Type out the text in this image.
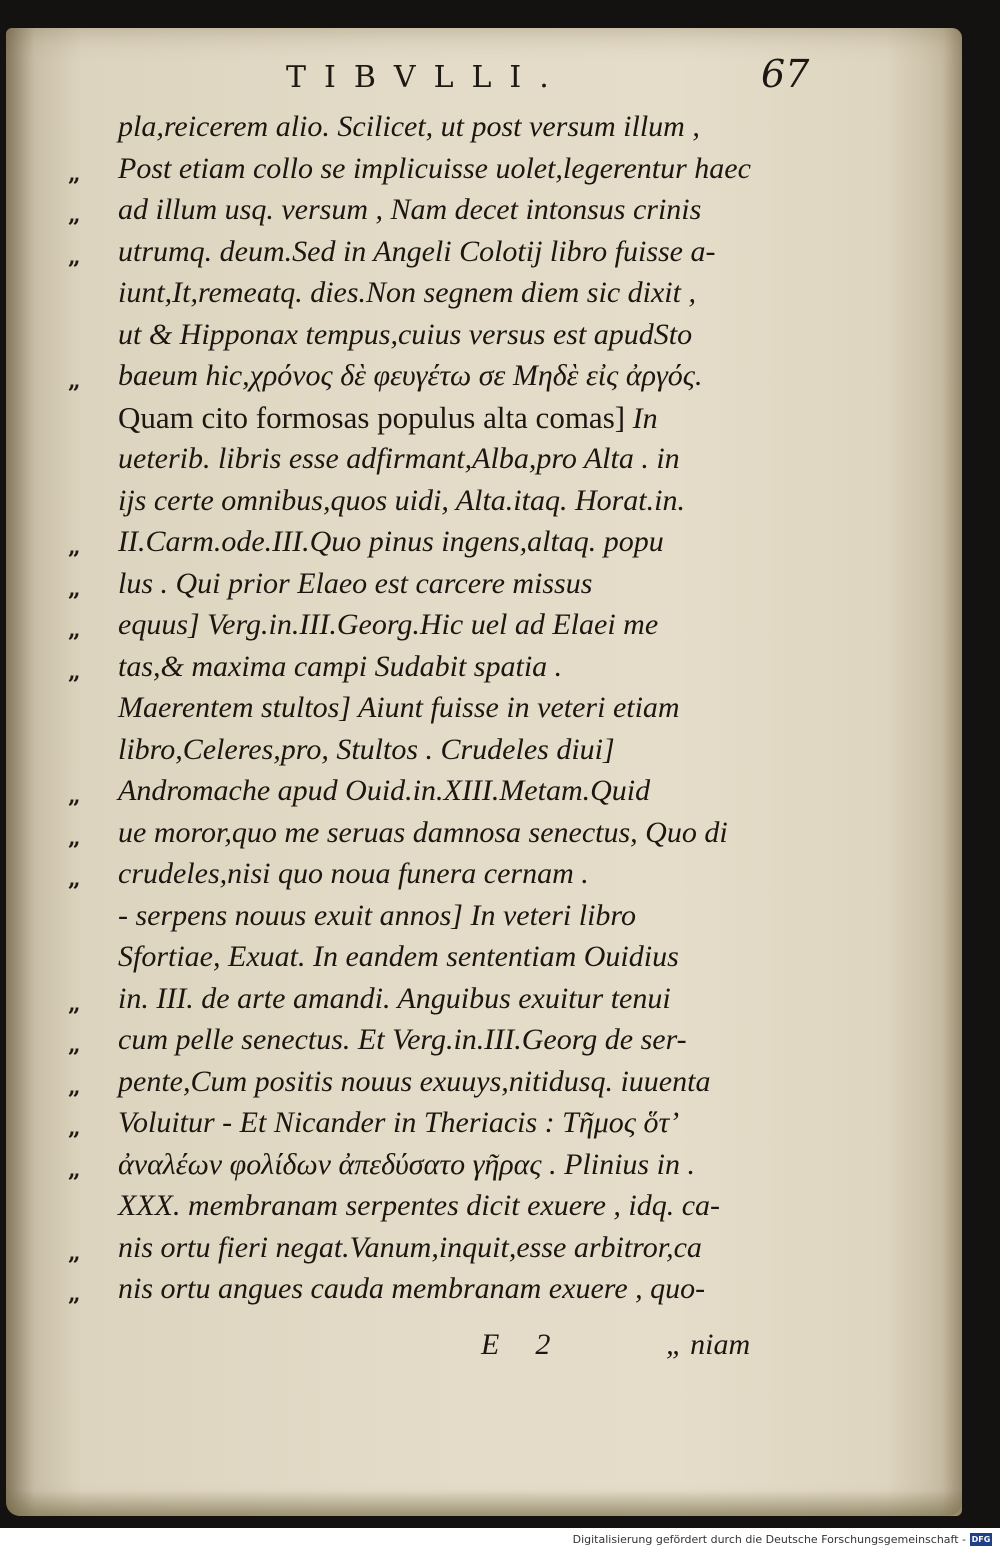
TIBVLLI.	67
pla,reicerem alio. Scilicet, ut post versum illum ,
„ Post etiam collo se implicuisse uolet,legerentur haec
„ ad illum usq. versum , Nam decet intonsus crinis
„ utrumq. deum.Sed in Angeli Colotij libro fuisse a-
iunt,It,remeatq. dies.Non segnem diem sic dixit ,
ut & Hipponax tempus,cuius versus est apudSto
„ baeum hic,χρόνος δὲ φευγέτω σε Μηδὲ εἰς ἀργός.
Quam cito formosas populus alta comas] In
ueterib. libris esse adfirmant,Alba,pro Alta . in
ijs certe omnibus,quos uidi, Alta.itaq. Horat.in.
„ II.Carm.ode.III.Quo pinus ingens,altaq. popu
„ lus . Qui prior Elaeo est carcere missus
„ equus] Verg.in.III.Georg.Hic uel ad Elaei me
„ tas,& maxima campi Sudabit spatia .
Maerentem stultos] Aiunt fuisse in veteri etiam
libro,Celeres,pro, Stultos . Crudeles diui]
„ Andromache apud Ouid.in.XIII.Metam.Quid
„ ue moror,quo me seruas damnosa senectus, Quo di
„ crudeles,nisi quo noua funera cernam .
- serpens nouus exuit annos] In veteri libro
Sfortiae, Exuat. In eandem sententiam Ouidius
„ in. III. de arte amandi. Anguibus exuitur tenui
„ cum pelle senectus. Et Verg.in.III.Georg de ser-
„ pente,Cum positis nouus exuuys,nitidusq. iuuenta
„ Voluitur - Et Nicander in Theriacis : Τῆμος ὅτ’
„ ἀναλέων φολίδων ἀπεδύσατο γῆρας . Plinius in .
XXX. membranam serpentes dicit exuere , idq. ca-
„ nis ortu fieri negat.Vanum,inquit,esse arbitror,ca
„ nis ortu angues cauda membranam exuere , quo-
E 2	„ niam
Digitalisierung gefördert durch die Deutsche Forschungsgemeinschaft - DFG
